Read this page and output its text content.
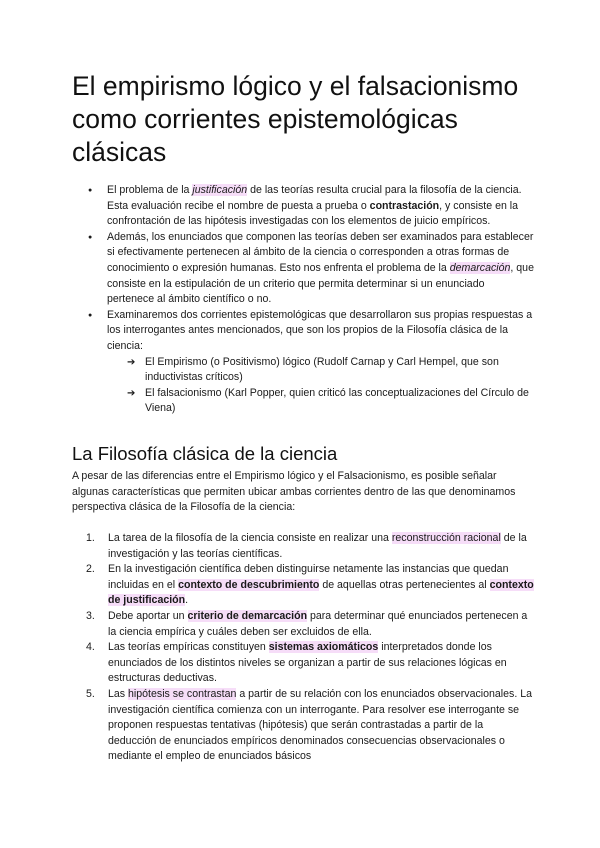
El empirismo lógico y el falsacionismo como corrientes epistemológicas clásicas
● El problema de la justificación de las teorías resulta crucial para la filosofía de la ciencia. Esta evaluación recibe el nombre de puesta a prueba o contrastación, y consiste en la confrontación de las hipótesis investigadas con los elementos de juicio empíricos.
● Además, los enunciados que componen las teorías deben ser examinados para establecer si efectivamente pertenecen al ámbito de la ciencia o corresponden a otras formas de conocimiento o expresión humanas. Esto nos enfrenta el problema de la demarcación, que consiste en la estipulación de un criterio que permita determinar si un enunciado pertenece al ámbito científico o no.
● Examinaremos dos corrientes epistemológicas que desarrollaron sus propias respuestas a los interrogantes antes mencionados, que son los propios de la Filosofía clásica de la ciencia:
➔ El Empirismo (o Positivismo) lógico (Rudolf Carnap y Carl Hempel, que son inductivistas críticos)
➔ El falsacionismo (Karl Popper, quien criticó las conceptualizaciones del Círculo de Viena)
La Filosofía clásica de la ciencia

A pesar de las diferencias entre el Empirismo lógico y el Falsacionismo, es posible señalar algunas características que permiten ubicar ambas corrientes dentro de las que denominamos perspectiva clásica de la Filosofía de la ciencia:

1. La tarea de la filosofía de la ciencia consiste en realizar una reconstrucción racional de la investigación y las teorías científicas.
2. En la investigación científica deben distinguirse netamente las instancias que quedan incluidas en el contexto de descubrimiento de aquellas otras pertenecientes al contexto de justificación.
3. Debe aportar un criterio de demarcación para determinar qué enunciados pertenecen a la ciencia empírica y cuáles deben ser excluidos de ella.
4. Las teorías empíricas constituyen sistemas axiomáticos interpretados donde los enunciados de los distintos niveles se organizan a partir de sus relaciones lógicas en estructuras deductivas.
5. Las hipótesis se contrastan a partir de su relación con los enunciados observacionales. La investigación científica comienza con un interrogante. Para resolver ese interrogante se proponen respuestas tentativas (hipótesis) que serán contrastadas a partir de la deducción de enunciados empíricos denominados consecuencias observacionales o mediante el empleo de enunciados básicos
